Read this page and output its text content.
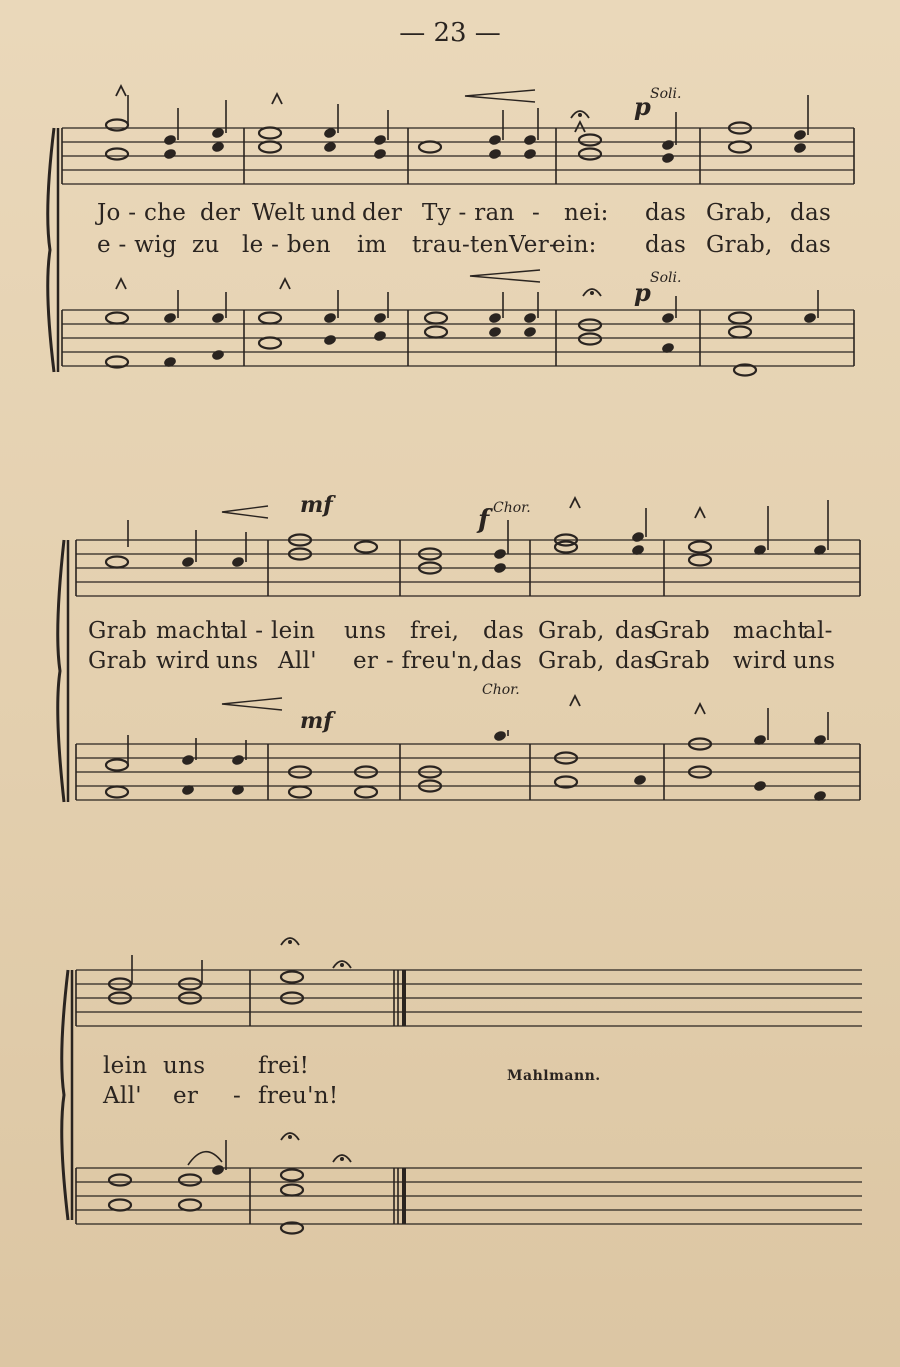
— 23 —
p Soli.
p Soli.
Jo - che der Welt und der Ty - ran - nei: das Grab, das
e - wig zu le - ben im trau-ten Ver-
ein: das Grab, das
mf	f Chor.
mf
Chor.
Grab macht
al - lein uns frei, das Grab, das
Grab macht
al-
Grab wird uns All' er - freu'n, das Grab, das
Grab wird uns
lein uns frei!
All' er - freu'n!
Mahlmann.
